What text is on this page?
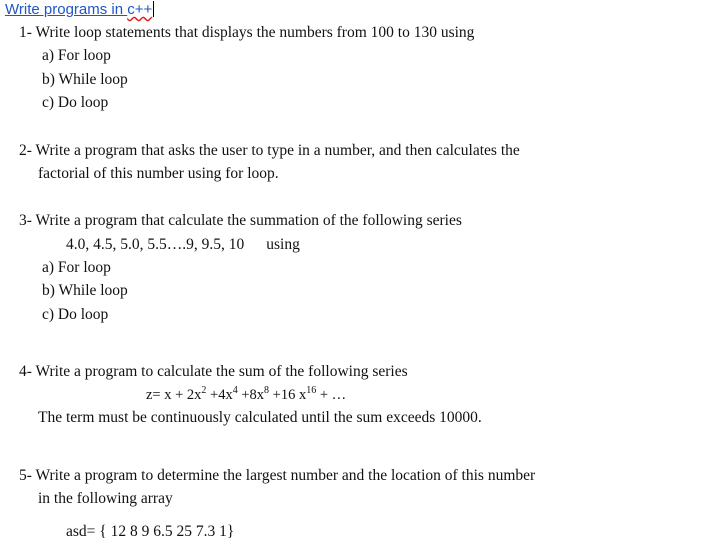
Write programs in c++
1- Write loop statements that displays the numbers from 100 to 130 using
a) For loop
b) While loop
c) Do loop
2- Write a program that asks the user to type in a number, and then calculates the
factorial of this number using for loop.
3- Write a program that calculate the summation of the following series
4.0, 4.5, 5.0, 5.5….9, 9.5, 10 using
a) For loop
b) While loop
c) Do loop
4- Write a program to calculate the sum of the following series
$z= x + 2x^2 +4x^4 +8x^8 +16$ $x^{16}$ + …
The term must be continuously calculated until the sum exceeds 10000.
5- Write a program to determine the largest number and the location of this number
in the following array
asd= { 12 8 9 6.5 25 7.3 1}
